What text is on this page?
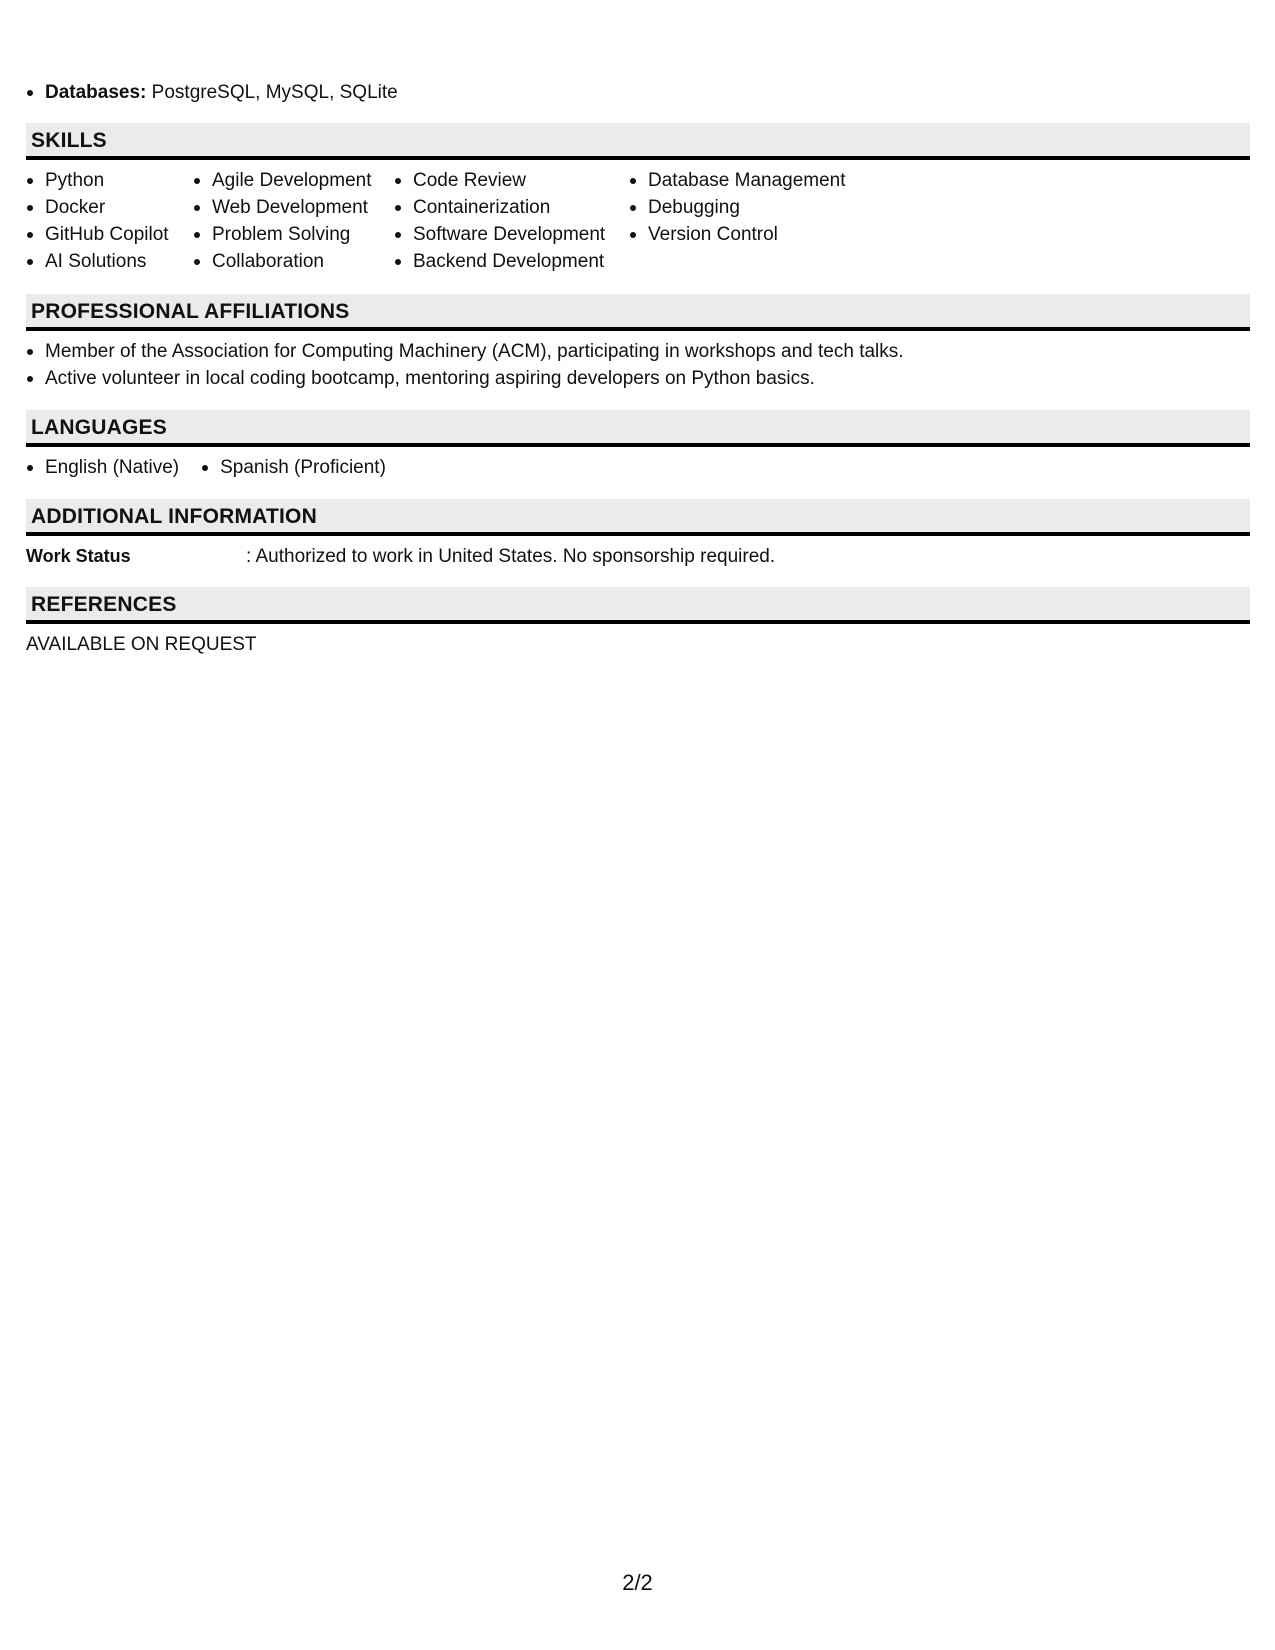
Databases: PostgreSQL, MySQL, SQLite
SKILLS
Python
Docker
GitHub Copilot
AI Solutions
Agile Development
Web Development
Problem Solving
Collaboration
Code Review
Containerization
Software Development
Backend Development
Database Management
Debugging
Version Control
PROFESSIONAL AFFILIATIONS
Member of the Association for Computing Machinery (ACM), participating in workshops and tech talks.
Active volunteer in local coding bootcamp, mentoring aspiring developers on Python basics.
LANGUAGES
English (Native)	Spanish (Proficient)
ADDITIONAL INFORMATION
Work Status	: Authorized to work in United States. No sponsorship required.
REFERENCES
AVAILABLE ON REQUEST
2/2
